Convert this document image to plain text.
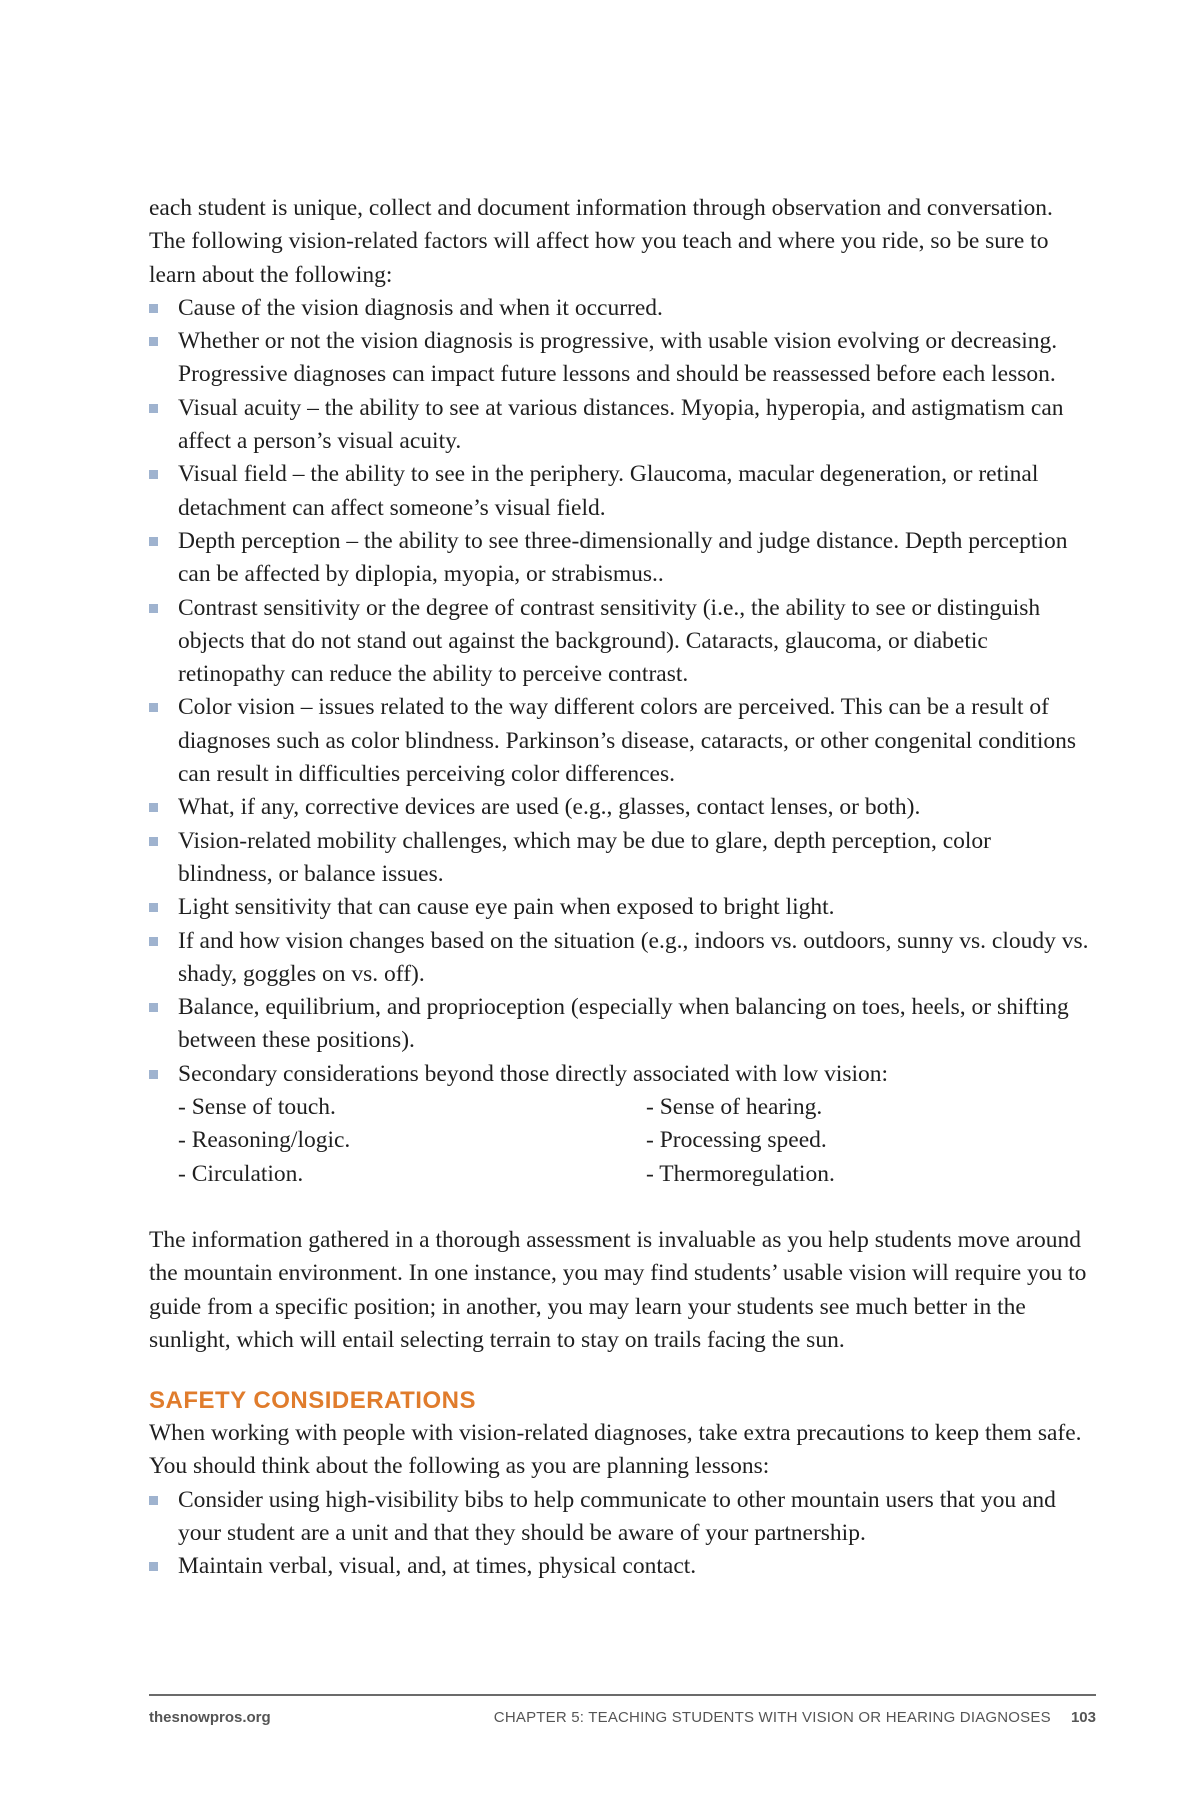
each student is unique, collect and document information through observation and conversation. The following vision-related factors will affect how you teach and where you ride, so be sure to learn about the following:

Cause of the vision diagnosis and when it occurred.
Whether or not the vision diagnosis is progressive, with usable vision evolving or decreasing. Progressive diagnoses can impact future lessons and should be reassessed before each lesson.
Visual acuity – the ability to see at various distances. Myopia, hyperopia, and astigmatism can affect a person’s visual acuity.
Visual field – the ability to see in the periphery. Glaucoma, macular degeneration, or retinal detachment can affect someone’s visual field.
Depth perception – the ability to see three-dimensionally and judge distance. Depth perception can be affected by diplopia, myopia, or strabismus..
Contrast sensitivity or the degree of contrast sensitivity (i.e., the ability to see or distinguish objects that do not stand out against the background). Cataracts, glaucoma, or diabetic retinopathy can reduce the ability to perceive contrast.
Color vision – issues related to the way different colors are perceived. This can be a result of diagnoses such as color blindness. Parkinson’s disease, cataracts, or other congenital conditions can result in difficulties perceiving color differences.
What, if any, corrective devices are used (e.g., glasses, contact lenses, or both).
Vision-related mobility challenges, which may be due to glare, depth perception, color blindness, or balance issues.
Light sensitivity that can cause eye pain when exposed to bright light.
If and how vision changes based on the situation (e.g., indoors vs. outdoors, sunny vs. cloudy vs. shady, goggles on vs. off).
Balance, equilibrium, and proprioception (especially when balancing on toes, heels, or shifting between these positions).
Secondary considerations beyond those directly associated with low vision:
- Sense of touch.	- Sense of hearing.
- Reasoning/logic.	- Processing speed.
- Circulation.	- Thermoregulation.

The information gathered in a thorough assessment is invaluable as you help students move around the mountain environment. In one instance, you may find students’ usable vision will require you to guide from a specific position; in another, you may learn your students see much better in the sunlight, which will entail selecting terrain to stay on trails facing the sun.

SAFETY CONSIDERATIONS

When working with people with vision-related diagnoses, take extra precautions to keep them safe. You should think about the following as you are planning lessons:

Consider using high-visibility bibs to help communicate to other mountain users that you and your student are a unit and that they should be aware of your partnership.
Maintain verbal, visual, and, at times, physical contact.
thesnowpros.org	CHAPTER 5: TEACHING STUDENTS WITH VISION OR HEARING DIAGNOSES 103
